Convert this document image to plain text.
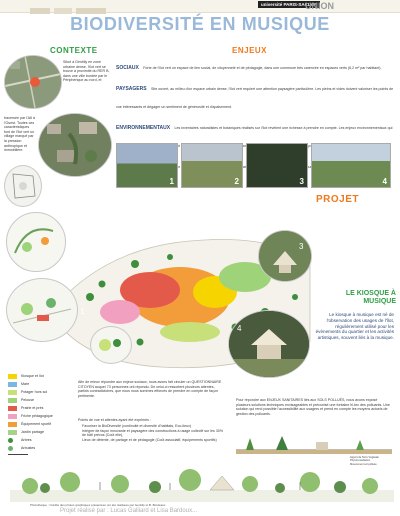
université PARIS-SACLAY
UNION
BIODIVERSITÉ EN MUSIQUE
CONTEXTE
Situé à Gentilly en zone urbaine dense, l'îlot vert se trouve à proximité du RER B, dans une ville bordée par le Périphérique au nord, et
traversée par l'A6 à l'Ouest. Toutes ces caractéristiques font de l'îlot vert un village marqué par la pression anthropique et immobilière.
ENJEUX
SOCIAUX Forte de l'îlot vert un espace de lien social, de citoyenneté et de pédagogie, dans une commune très carencée en espaces verts (6,2 m² par habitant).
PAYSAGERS Site ouvert, au milieu d'un espace urbain dense, l'îlot vert requiert une attention paysagère particulière. Les pleins et vides doivent valoriser les points de vue intéressants et dégager un sentiment de générosité et d'apaisement.
ENVIRONNEMENTAUX Les inventaires naturalistes et botaniques réalisés sur l'îlot révèlent une richesse à prendre en compte. Les enjeux environnementaux qui
pour
1	2	3	4
PROJET
1
3
LE KIOSQUE À
MUSIQUE
Le kiosque à musique est né de l'observation des usages de l'îlot, régulièrement utilisé pour les évènements du quartier et les activités artistiques, souvent liés à la musique.
4
Kiosque et îlot
Mare
Potager hors sol
Pelouse
Prairie et prés
Friche pédagogique
Équipement sportif
Jardin partagé
Arbres
Arbustes
Afin de mieux répondre aux enjeux sociaux, nous avons fait circuler un QUESTIONNAIRE CITOYEN auquel 73 personnes ont répondu. De celui-ci ressortent plusieurs attentes, parfois contradictoires, que nous nous sommes efforcés de prendre en compte de façon pertinente.
Points de vue et attentes ayant été exprimés :
Favoriser la BioDiversité (continuité et diversité d'habitats, Eco-lieux)
Intégrer de façon innovante et paysagère des constructions à usage collectif sur les 30% de bâti prévus (Coût elle),
Lieux de détente, de partage et de pédagogie (Coût associatif, équipements sportifs)
Pour répondre aux ENJEUX SANITAIRES liés aux SOLS POLLUÉS, nous avons exposé plusieurs solutions techniques envisageables et préconisé une fontaine hi-tec des polluants. Une solution qui rend possible l'accessibilité aux usagers et prend en compte les moyens actuels de gestion des polluants.
Apport de Terre Végétale
Phytoremédiation
Mouvement sol polluée
Photothèque : Crédits des photos graphiques présentées ont été réalisées par Gentilly et B. Bordeaux
Projet réalisé par : Lucas Galliard et Lisa Bardoux...
